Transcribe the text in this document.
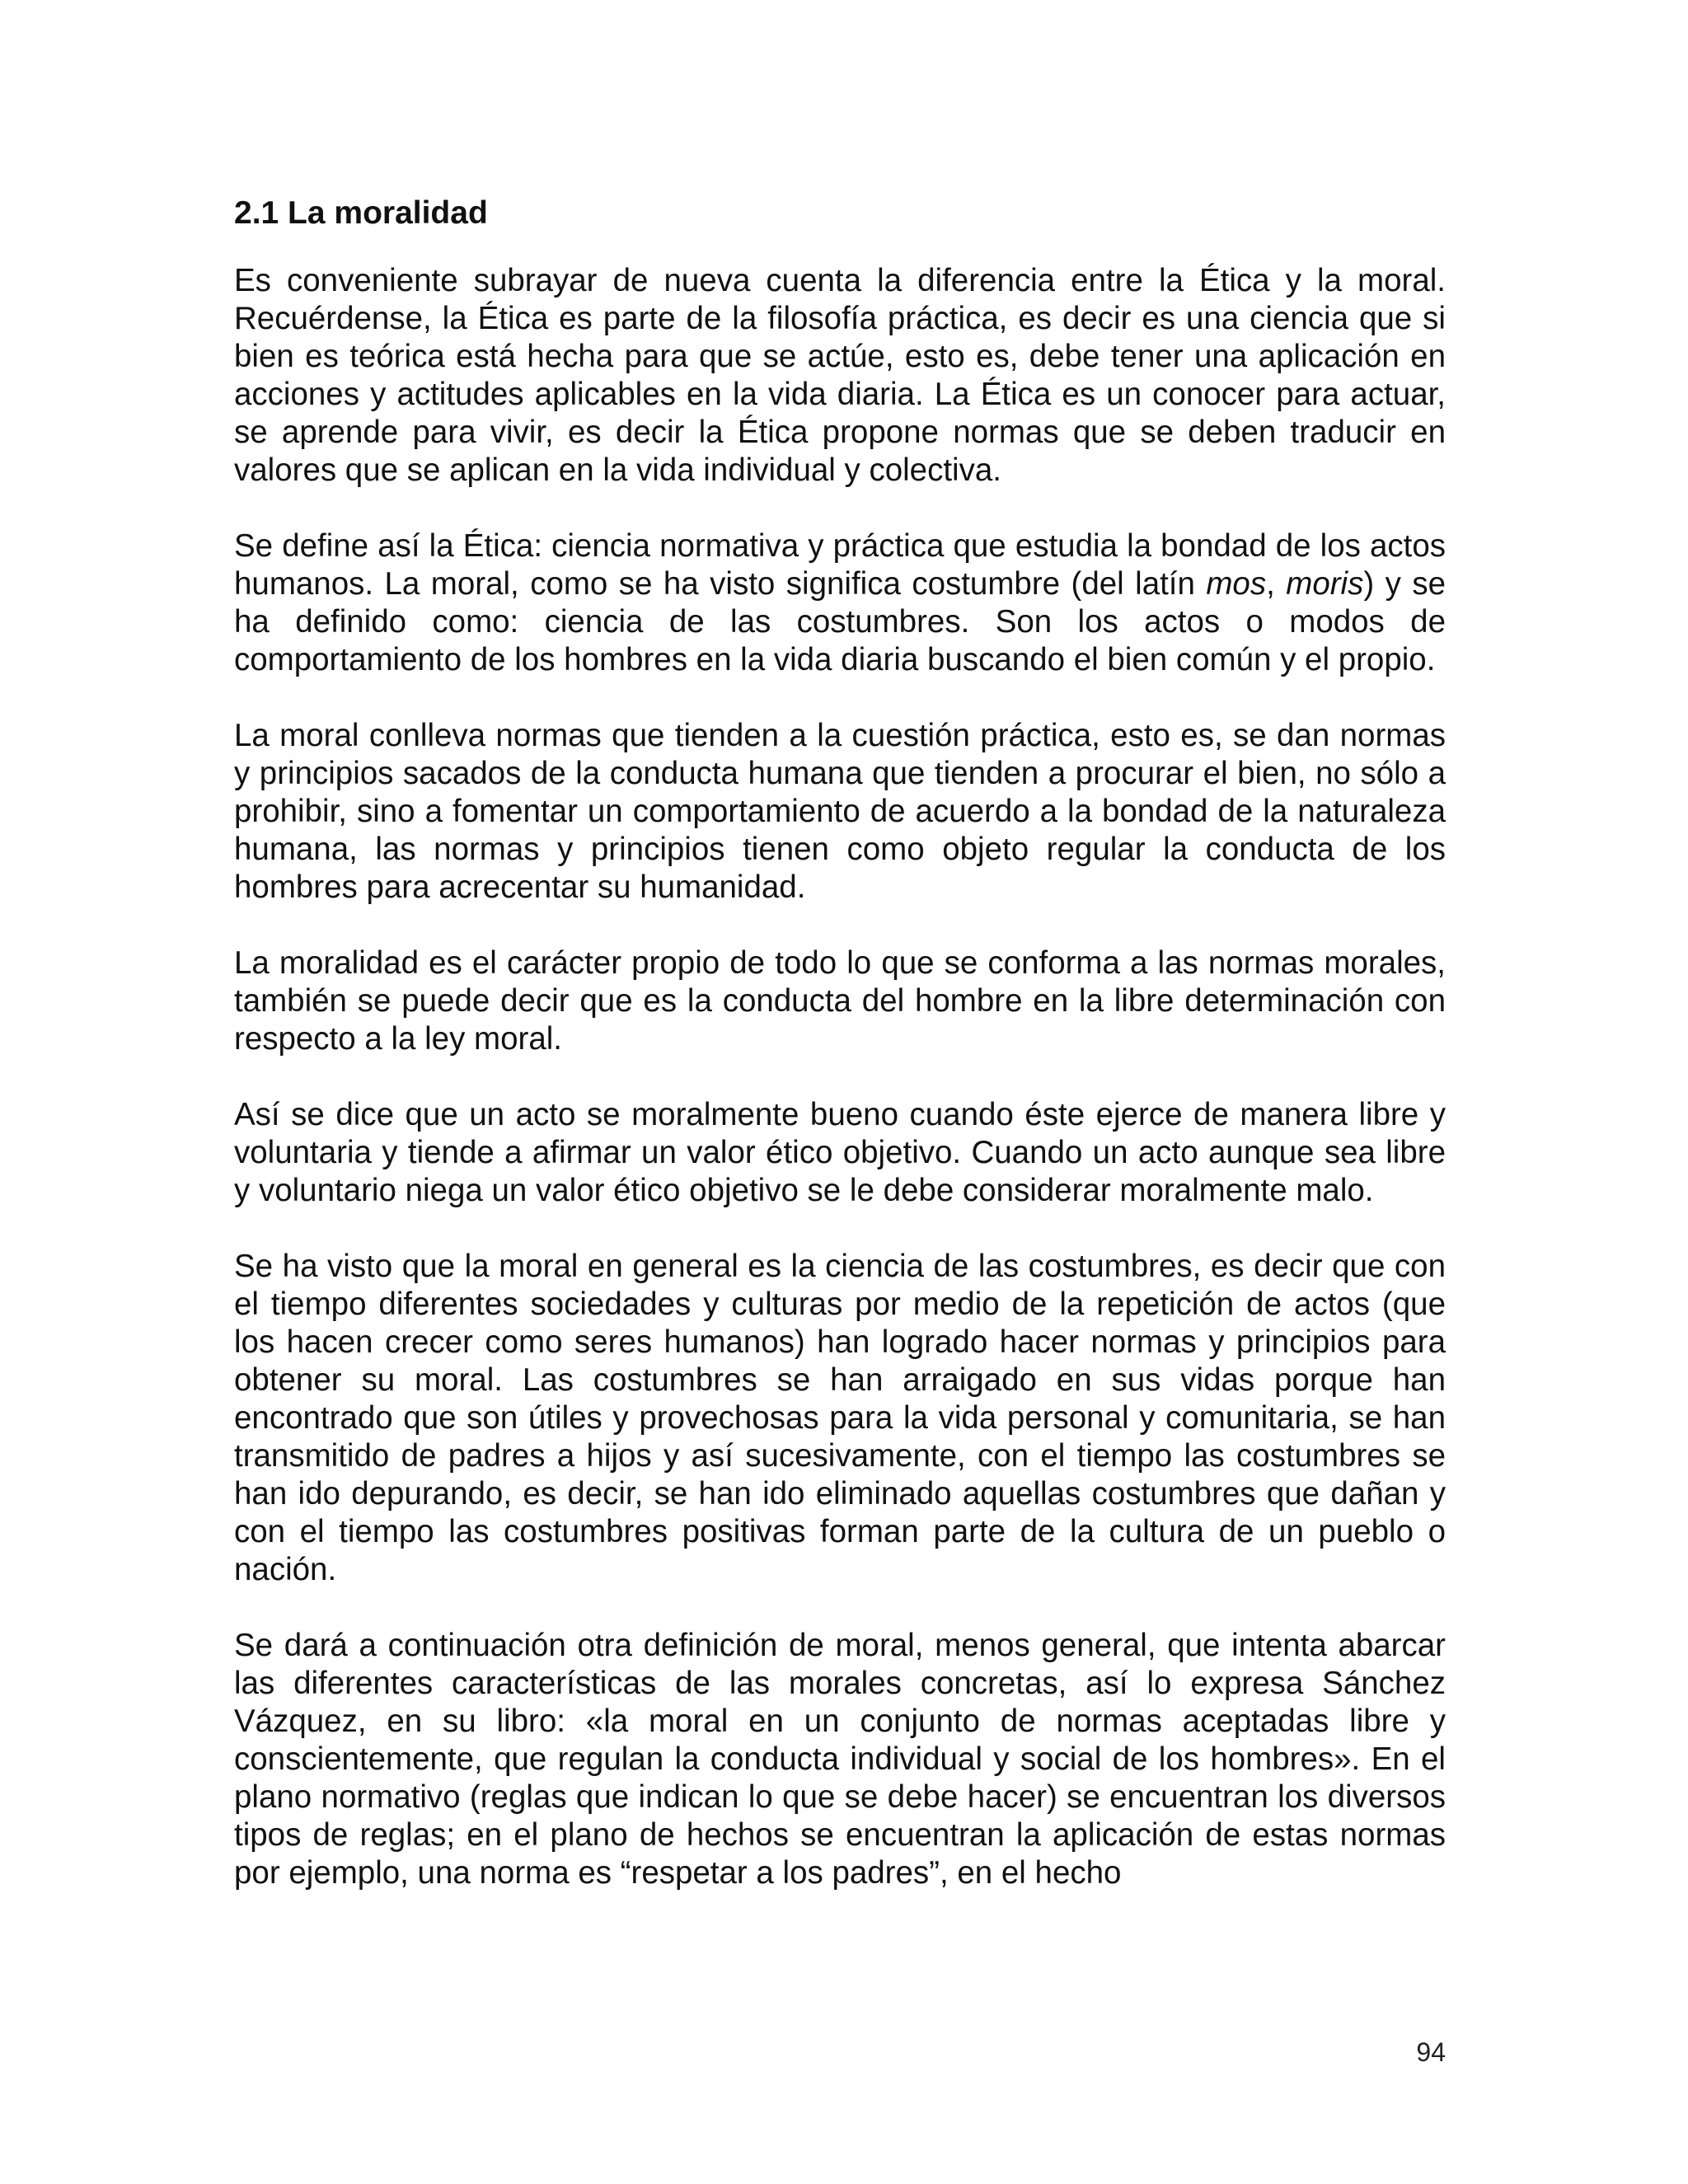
2.1 La moralidad

Es conveniente subrayar de nueva cuenta la diferencia entre la Ética y la moral. Recuérdense, la Ética es parte de la filosofía práctica, es decir es una ciencia que si bien es teórica está hecha para que se actúe, esto es, debe tener una aplicación en acciones y actitudes aplicables en la vida diaria. La Ética es un conocer para actuar, se aprende para vivir, es decir la Ética propone normas que se deben traducir en valores que se aplican en la vida individual y colectiva.

Se define así la Ética: ciencia normativa y práctica que estudia la bondad de los actos humanos. La moral, como se ha visto significa costumbre (del latín mos, moris) y se ha definido como: ciencia de las costumbres. Son los actos o modos de comportamiento de los hombres en la vida diaria buscando el bien común y el propio.

La moral conlleva normas que tienden a la cuestión práctica, esto es, se dan normas y principios sacados de la conducta humana que tienden a procurar el bien, no sólo a prohibir, sino a fomentar un comportamiento de acuerdo a la bondad de la naturaleza humana, las normas y principios tienen como objeto regular la conducta de los hombres para acrecentar su humanidad.

La moralidad es el carácter propio de todo lo que se conforma a las normas morales, también se puede decir que es la conducta del hombre en la libre determinación con respecto a la ley moral.

Así se dice que un acto se moralmente bueno cuando éste ejerce de manera libre y voluntaria y tiende a afirmar un valor ético objetivo. Cuando un acto aunque sea libre y voluntario niega un valor ético objetivo se le debe considerar moralmente malo.

Se ha visto que la moral en general es la ciencia de las costumbres, es decir que con el tiempo diferentes sociedades y culturas por medio de la repetición de actos (que los hacen crecer como seres humanos) han logrado hacer normas y principios para obtener su moral. Las costumbres se han arraigado en sus vidas porque han encontrado que son útiles y provechosas para la vida personal y comunitaria, se han transmitido de padres a hijos y así sucesivamente, con el tiempo las costumbres se han ido depurando, es decir, se han ido eliminado aquellas costumbres que dañan y con el tiempo las costumbres positivas forman parte de la cultura de un pueblo o nación.

Se dará a continuación otra definición de moral, menos general, que intenta abarcar las diferentes características de las morales concretas, así lo expresa Sánchez Vázquez, en su libro: «la moral en un conjunto de normas aceptadas libre y conscientemente, que regulan la conducta individual y social de los hombres». En el plano normativo (reglas que indican lo que se debe hacer) se encuentran los diversos tipos de reglas; en el plano de hechos se encuentran la aplicación de estas normas por ejemplo, una norma es “respetar a los padres”, en el hecho

94
